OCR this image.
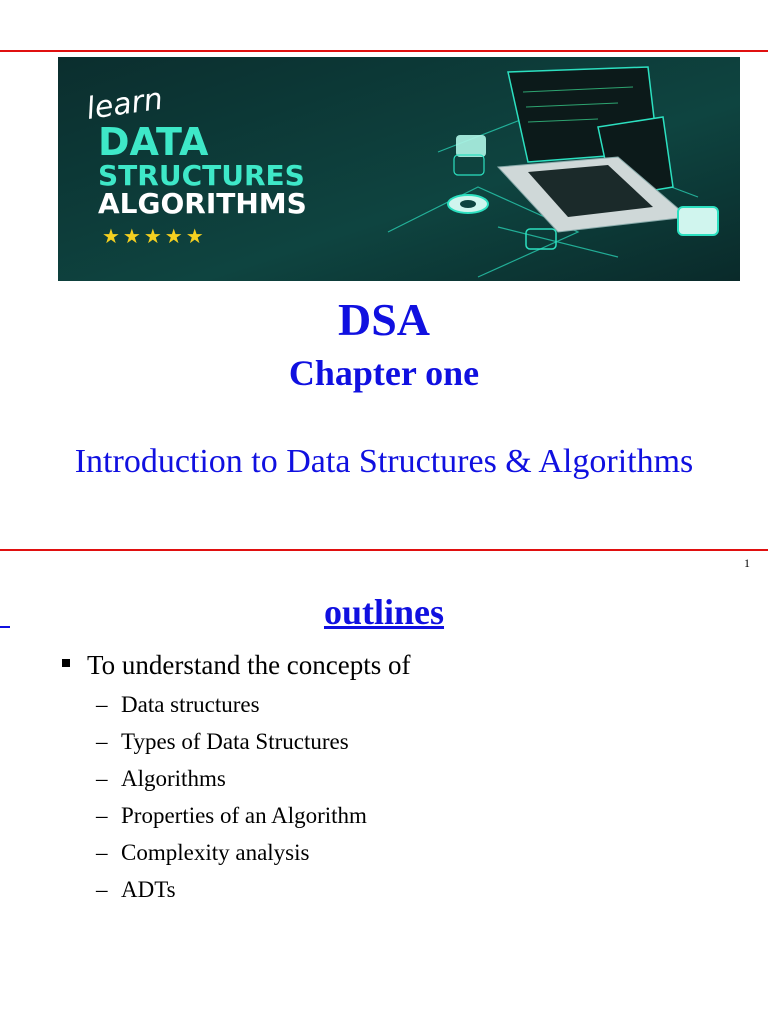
learn
DATA
STRUCTURES
ALGORITHMS
★★★★★
DSA
Chapter one
Introduction to Data Structures & Algorithms
1
outlines
To understand the concepts of
– Data structures
– Types of Data Structures
– Algorithms
– Properties of an Algorithm
– Complexity analysis
– ADTs
